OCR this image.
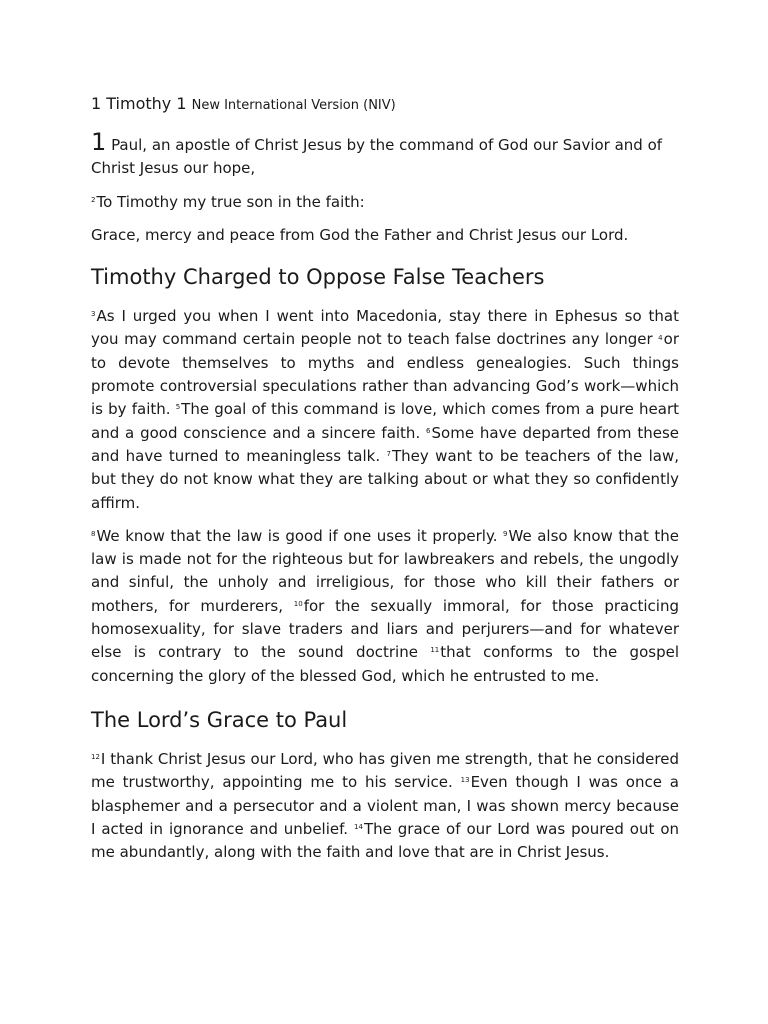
1 Timothy 1 New International Version (NIV)

1 Paul, an apostle of Christ Jesus by the command of God our Savior and of Christ Jesus our hope,

$^2$To Timothy my true son in the faith:

Grace, mercy and peace from God the Father and Christ Jesus our Lord.

Timothy Charged to Oppose False Teachers

$^3$As I urged you when I went into Macedonia, stay there in Ephesus so that you may command certain people not to teach false doctrines any longer $^4$or to devote themselves to myths and endless genealogies. Such things promote controversial speculations rather than advancing God’s work—which is by faith. $^5$The goal of this command is love, which comes from a pure heart and a good conscience and a sincere faith. $^6$Some have departed from these and have turned to meaningless talk. $^7$They want to be teachers of the law, but they do not know what they are talking about or what they so confidently affirm.

$^8$We know that the law is good if one uses it properly. $^9$We also know that the law is made not for the righteous but for lawbreakers and rebels, the ungodly and sinful, the unholy and irreligious, for those who kill their fathers or mothers, for murderers, $^{10}$for the sexually immoral, for those practicing homosexuality, for slave traders and liars and perjurers—and for whatever else is contrary to the sound doctrine $^{11}$that conforms to the gospel concerning the glory of the blessed God, which he entrusted to me.

The Lord’s Grace to Paul

$^{12}$I thank Christ Jesus our Lord, who has given me strength, that he considered me trustworthy, appointing me to his service. $^{13}$Even though I was once a blasphemer and a persecutor and a violent man, I was shown mercy because I acted in ignorance and unbelief. $^{14}$The grace of our Lord was poured out on me abundantly, along with the faith and love that are in Christ Jesus.
